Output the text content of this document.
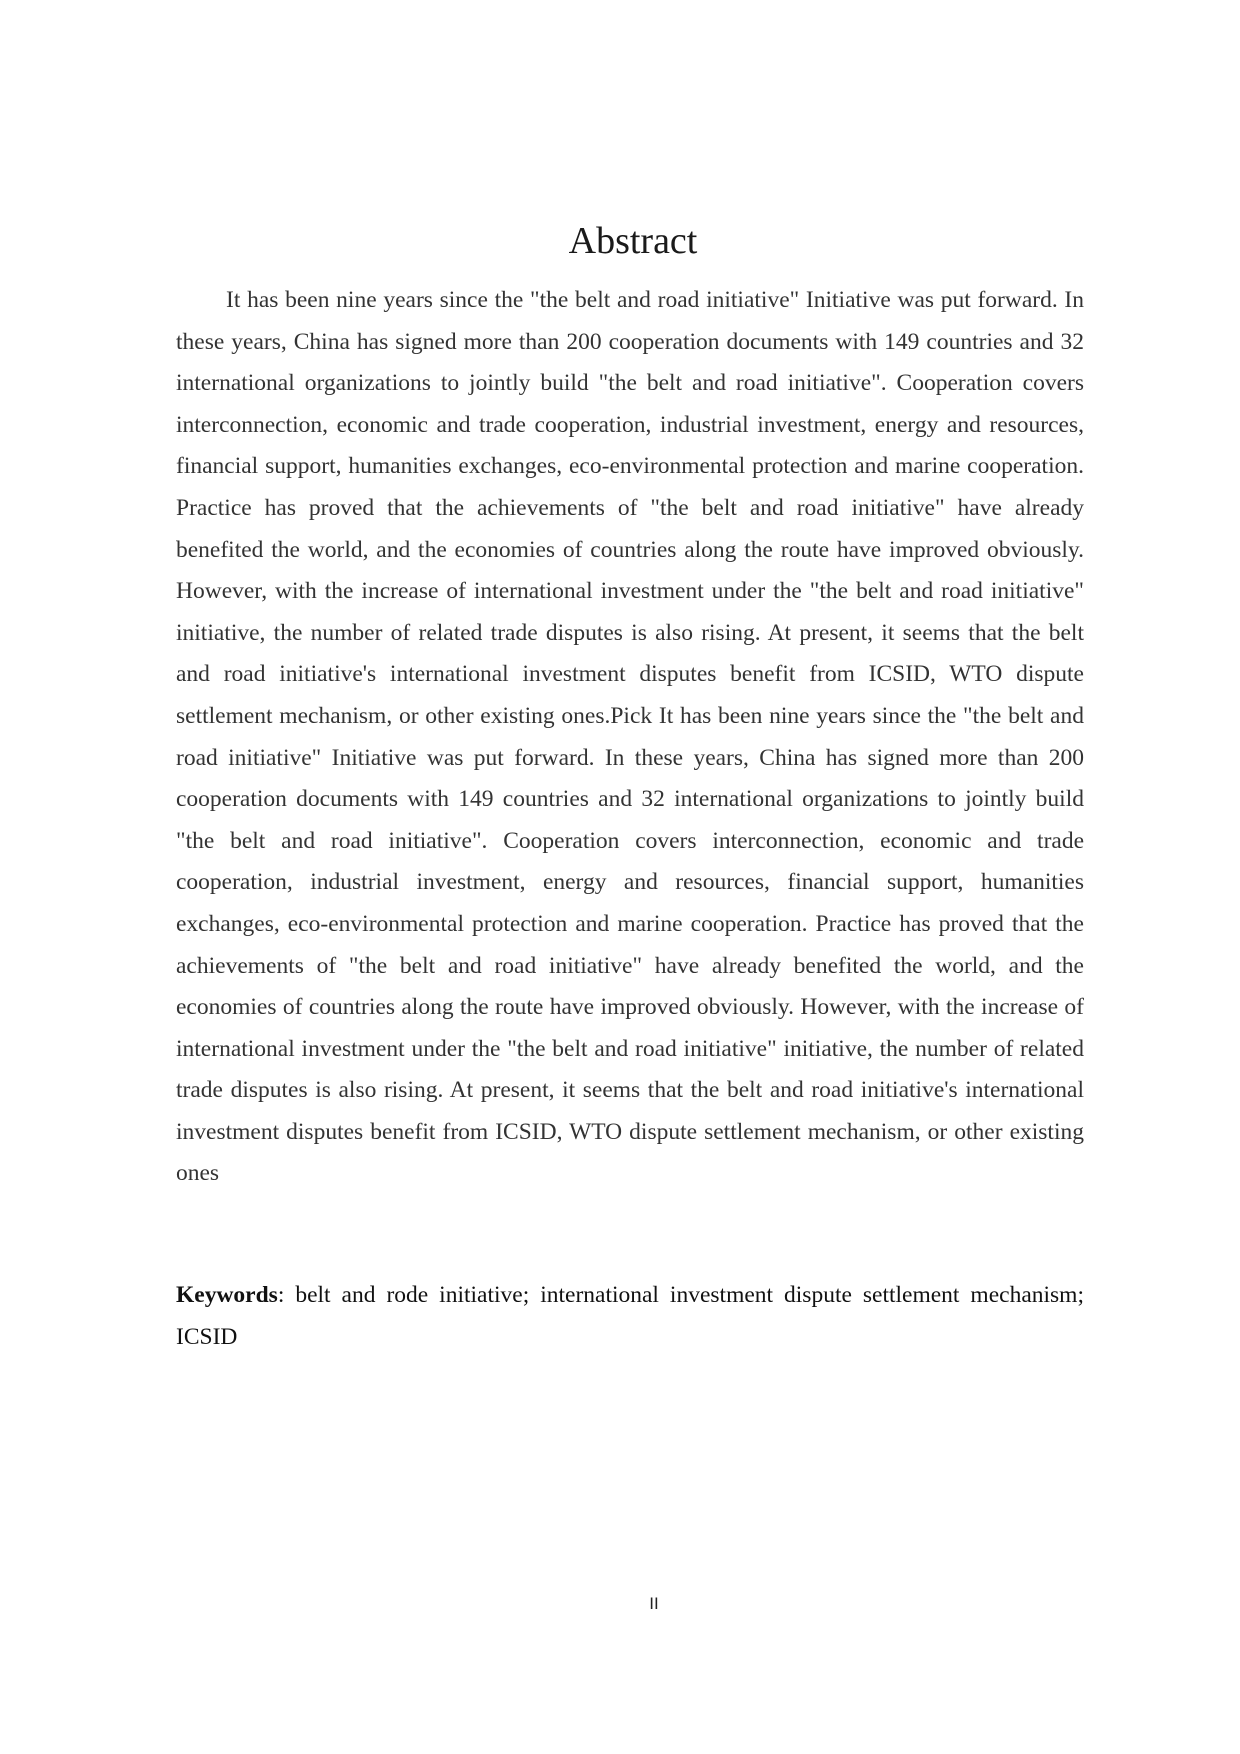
Abstract

It has been nine years since the "the belt and road initiative" Initiative was put forward. In these years, China has signed more than 200 cooperation documents with 149 countries and 32 international organizations to jointly build "the belt and road initiative". Cooperation covers interconnection, economic and trade cooperation, industrial investment, energy and resources, financial support, humanities exchanges, eco-environmental protection and marine cooperation. Practice has proved that the achievements of "the belt and road initiative" have already benefited the world, and the economies of countries along the route have improved obviously. However, with the increase of international investment under the "the belt and road initiative" initiative, the number of related trade disputes is also rising. At present, it seems that the belt and road initiative's international investment disputes benefit from ICSID, WTO dispute settlement mechanism, or other existing ones.Pick It has been nine years since the "the belt and road initiative" Initiative was put forward. In these years, China has signed more than 200 cooperation documents with 149 countries and 32 international organizations to jointly build "the belt and road initiative". Cooperation covers interconnection, economic and trade cooperation, industrial investment, energy and resources, financial support, humanities exchanges, eco-environmental protection and marine cooperation. Practice has proved that the achievements of "the belt and road initiative" have already benefited the world, and the economies of countries along the route have improved obviously. However, with the increase of international investment under the "the belt and road initiative" initiative, the number of related trade disputes is also rising. At present, it seems that the belt and road initiative's international investment disputes benefit from ICSID, WTO dispute settlement mechanism, or other existing ones

Keywords: belt and rode initiative; international investment dispute settlement mechanism; ICSID

II
